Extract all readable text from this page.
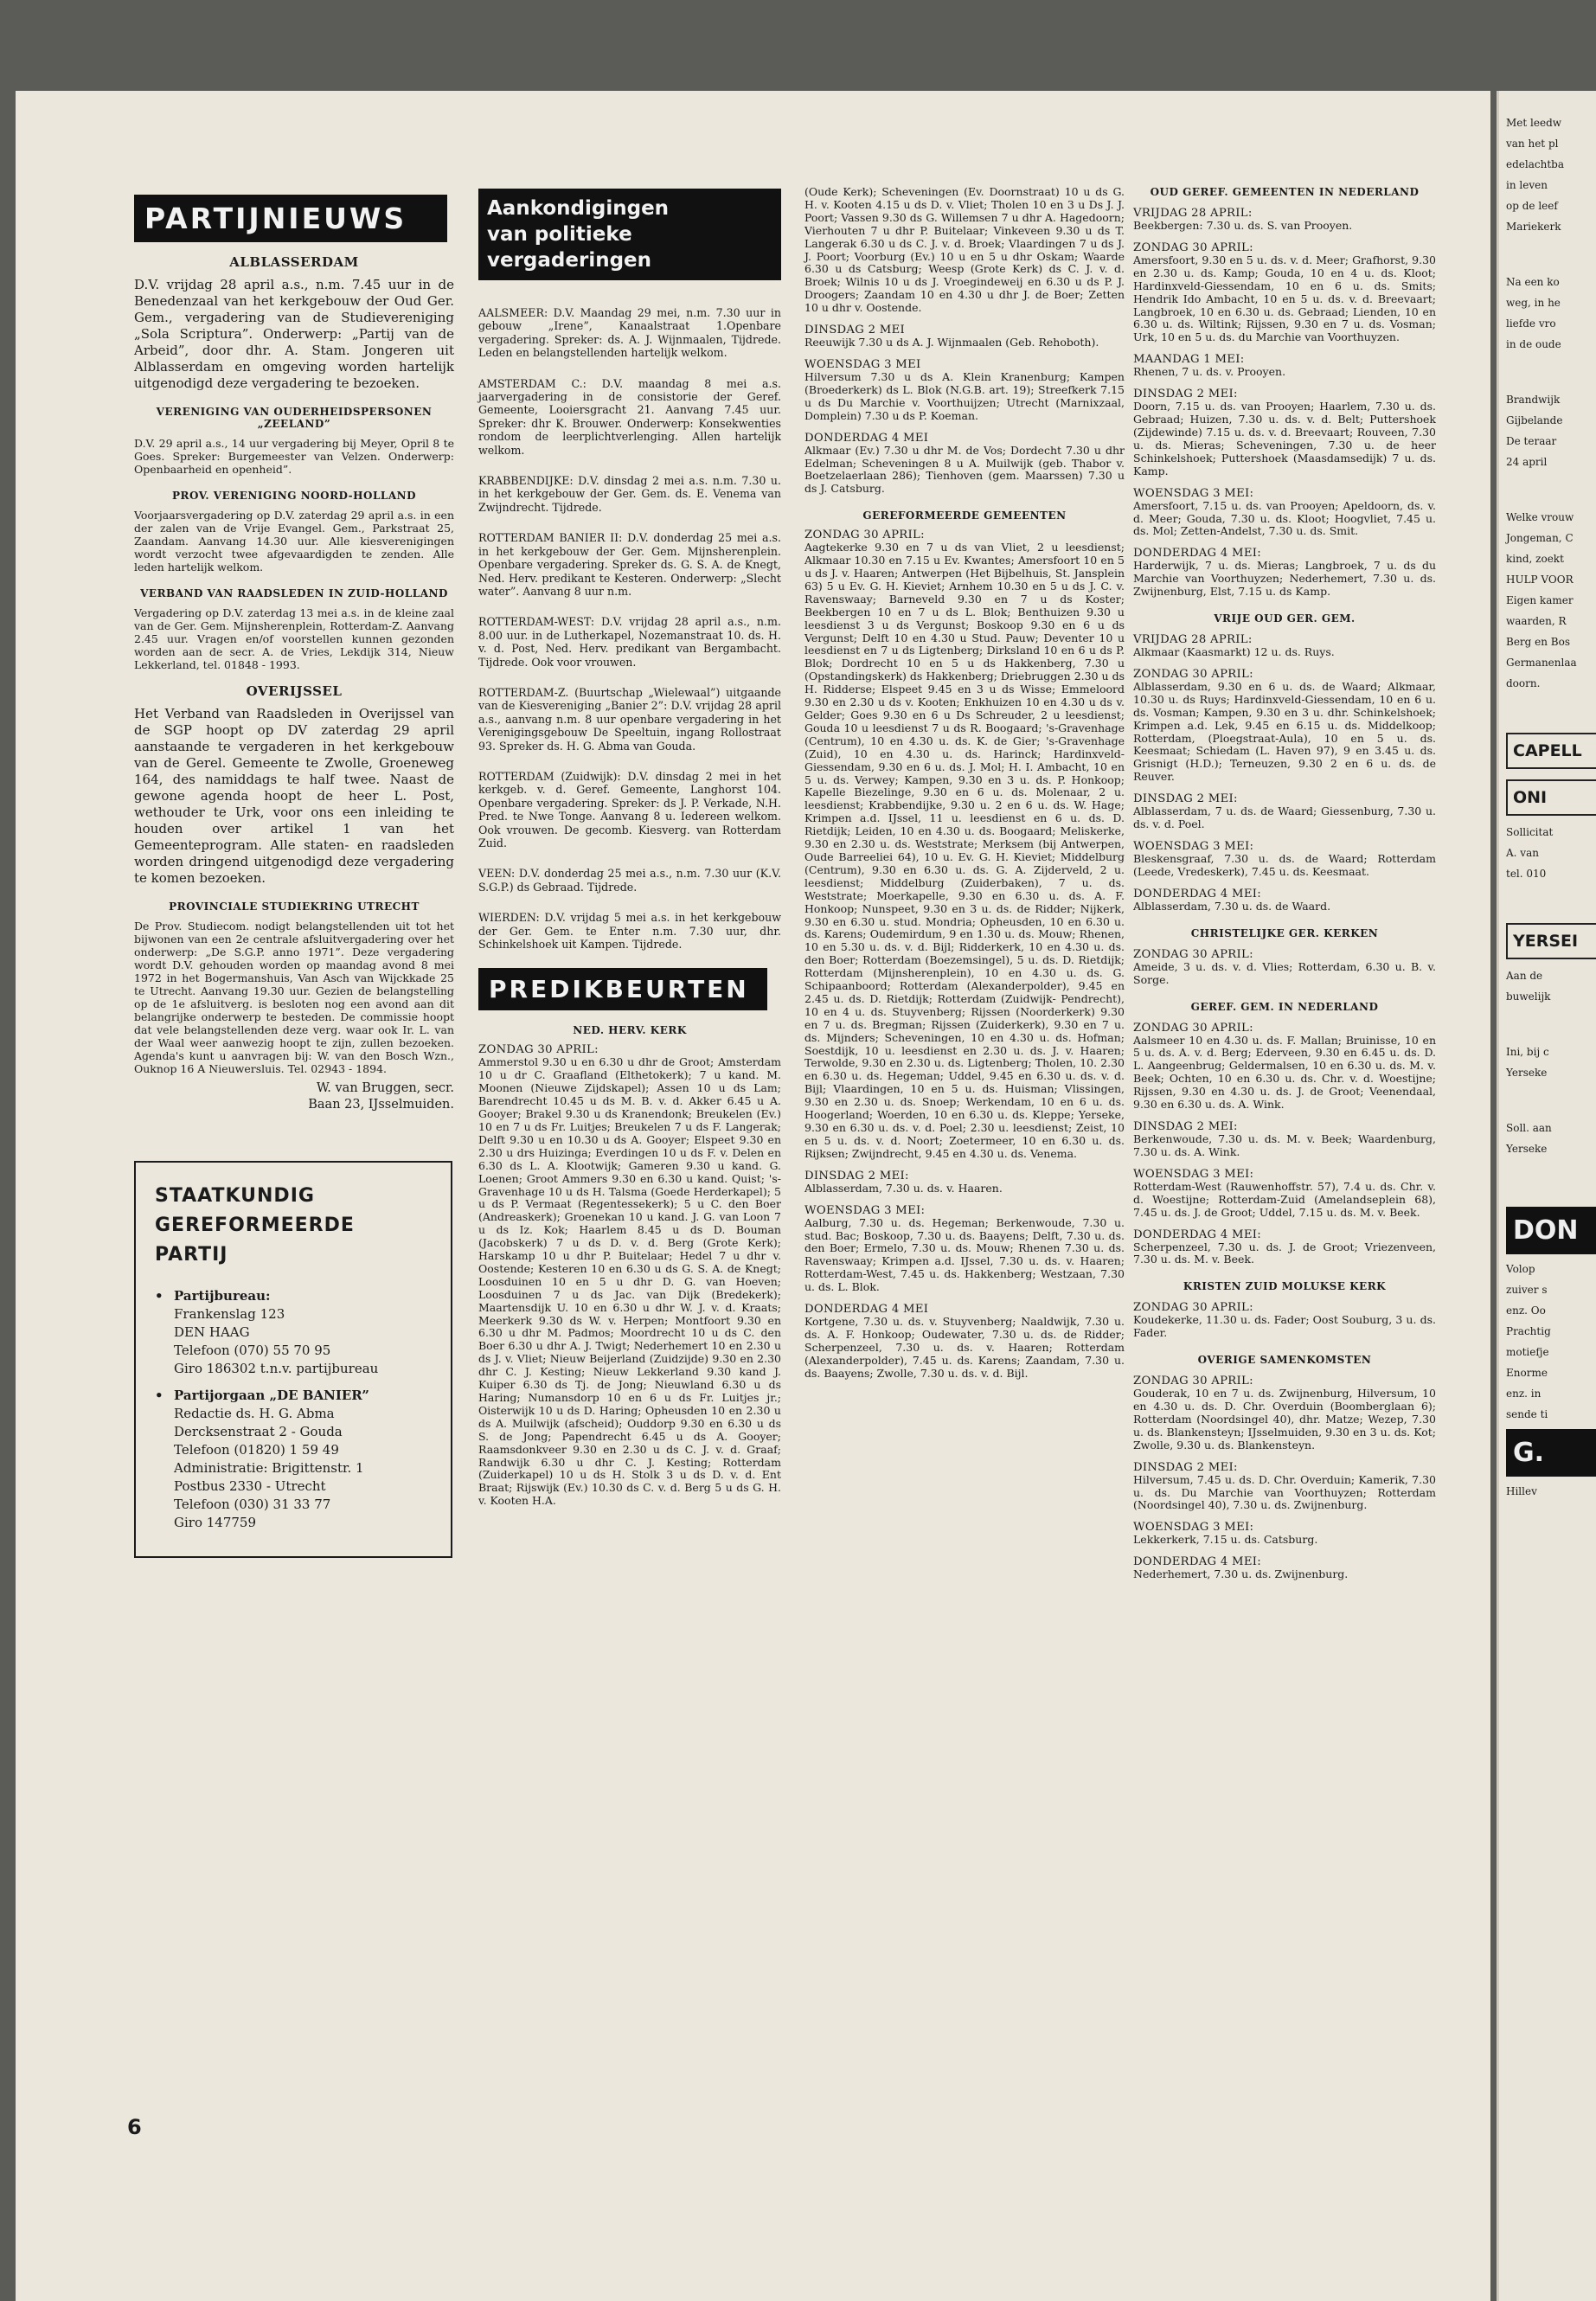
PARTIJNIEUWS
ALBLASSERDAM

D.V. vrijdag 28 april a.s., n.m. 7.45 uur in de Benedenzaal van het kerkgebouw der Oud Ger. Gem., vergadering van de Studievereniging „Sola Scriptura”. Onderwerp: „Partij van de Arbeid”, door dhr. A. Stam. Jongeren uit Alblasserdam en omgeving worden hartelijk uitgenodigd deze vergadering te bezoeken.

VERENIGING VAN OUDERHEIDSPERSONEN „ZEELAND”

D.V. 29 april a.s., 14 uur vergadering bij Meyer, Opril 8 te Goes. Spreker: Burgemeester van Velzen. Onderwerp: Openbaarheid en openheid”.

PROV. VERENIGING NOORD-HOLLAND

Voorjaarsvergadering op D.V. zaterdag 29 april a.s. in een der zalen van de Vrije Evangel. Gem., Parkstraat 25, Zaandam. Aanvang 14.30 uur. Alle kiesverenigingen wordt verzocht twee afgevaardigden te zenden. Alle leden hartelijk welkom.

VERBAND VAN RAADSLEDEN IN ZUID-HOLLAND

Vergadering op D.V. zaterdag 13 mei a.s. in de kleine zaal van de Ger. Gem. Mijnsherenplein, Rotterdam-Z. Aanvang 2.45 uur. Vragen en/of voorstellen kunnen gezonden worden aan de secr. A. de Vries, Lekdijk 314, Nieuw Lekkerland, tel. 01848 - 1993.

OVERIJSSEL

Het Verband van Raadsleden in Overijssel van de SGP hoopt op DV zaterdag 29 april aanstaande te vergaderen in het kerkgebouw van de Gerel. Gemeente te Zwolle, Groeneweg 164, des namiddags te half twee. Naast de gewone agenda hoopt de heer L. Post, wethouder te Urk, voor ons een inleiding te houden over artikel 1 van het Gemeenteprogram. Alle staten- en raadsleden worden dringend uitgenodigd deze vergadering te komen bezoeken.

PROVINCIALE STUDIEKRING UTRECHT

De Prov. Studiecom. nodigt belangstellenden uit tot het bijwonen van een 2e centrale afsluitvergadering over het onderwerp: „De S.G.P. anno 1971”. Deze vergadering wordt D.V. gehouden worden op maandag avond 8 mei 1972 in het Bogermanshuis, Van Asch van Wijckkade 25 te Utrecht. Aanvang 19.30 uur. Gezien de belangstelling op de 1e afsluitverg. is besloten nog een avond aan dit belangrijke onderwerp te besteden. De commissie hoopt dat vele belangstellenden deze verg. waar ook Ir. L. van der Waal weer aanwezig hoopt te zijn, zullen bezoeken. Agenda's kunt u aanvragen bij: W. van den Bosch Wzn., Ouknop 16 A Nieuwersluis. Tel. 02943 - 1894.

W. van Bruggen, secr.

Baan 23, IJsselmuiden.

STAATKUNDIG
GEREFORMEERDE
PARTIJ
• Partijbureau:
Frankenslag 123
DEN HAAG
Telefoon (070) 55 70 95
Giro 186302 t.n.v. partijbureau
• Partijorgaan „DE BANIER”
Redactie ds. H. G. Abma
Dercksenstraat 2 - Gouda
Telefoon (01820) 1 59 49
Administratie: Brigittenstr. 1
Postbus 2330 - Utrecht
Telefoon (030) 31 33 77
Giro 147759
6
Aankondigingen
van politieke vergaderingen

AALSMEER: D.V. Maandag 29 mei, n.m. 7.30 uur in gebouw „Irene”, Kanaalstraat 1.Openbare vergadering. Spreker: ds. A. J. Wijnmaalen, Tijdrede. Leden en belangstellenden hartelijk welkom.

AMSTERDAM C.: D.V. maandag 8 mei a.s. jaarvergadering in de consistorie der Geref. Gemeente, Looiersgracht 21. Aanvang 7.45 uur. Spreker: dhr K. Brouwer. Onderwerp: Konsekwenties rondom de leerplichtverlenging. Allen hartelijk welkom.

KRABBENDIJKE: D.V. dinsdag 2 mei a.s. n.m. 7.30 u. in het kerkgebouw der Ger. Gem. ds. E. Venema van Zwijndrecht. Tijdrede.

ROTTERDAM BANIER II: D.V. donderdag 25 mei a.s. in het kerkgebouw der Ger. Gem. Mijnsherenplein. Openbare vergadering. Spreker ds. G. S. A. de Knegt, Ned. Herv. predikant te Kesteren. Onderwerp: „Slecht water”. Aanvang 8 uur n.m.

ROTTERDAM-WEST: D.V. vrijdag 28 april a.s., n.m. 8.00 uur. in de Lutherkapel, Nozemanstraat 10. ds. H. v. d. Post, Ned. Herv. predikant van Bergambacht. Tijdrede. Ook voor vrouwen.

ROTTERDAM-Z. (Buurtschap „Wielewaal”) uitgaande van de Kiesvereniging „Banier 2”: D.V. vrijdag 28 april a.s., aanvang n.m. 8 uur openbare vergadering in het Verenigingsgebouw De Speeltuin, ingang Rollostraat 93. Spreker ds. H. G. Abma van Gouda.

ROTTERDAM (Zuidwijk): D.V. dinsdag 2 mei in het kerkgeb. v. d. Geref. Gemeente, Langhorst 104. Openbare vergadering. Spreker: ds J. P. Verkade, N.H. Pred. te Nwe Tonge. Aanvang 8 u. Iedereen welkom. Ook vrouwen. De gecomb. Kiesverg. van Rotterdam Zuid.

VEEN: D.V. donderdag 25 mei a.s., n.m. 7.30 uur (K.V. S.G.P.) ds Gebraad. Tijdrede.

WIERDEN: D.V. vrijdag 5 mei a.s. in het kerkgebouw der Ger. Gem. te Enter n.m. 7.30 uur, dhr. Schinkelshoek uit Kampen. Tijdrede.

PREDIKBEURTEN
NED. HERV. KERK
ZONDAG 30 APRIL:

Ammerstol 9.30 u en 6.30 u dhr de Groot; Amsterdam 10 u dr C. Graafland (Elthetokerk); 7 u kand. M. Moonen (Nieuwe Zijdskapel); Assen 10 u ds Lam; Barendrecht 10.45 u ds M. B. v. d. Akker 6.45 u A. Gooyer; Brakel 9.30 u ds Kranendonk; Breukelen (Ev.) 10 en 7 u ds Fr. Luitjes; Breukelen 7 u ds F. Langerak; Delft 9.30 u en 10.30 u ds A. Gooyer; Elspeet 9.30 en 2.30 u drs Huizinga; Everdingen 10 u ds F. v. Delen en 6.30 ds L. A. Klootwijk; Gameren 9.30 u kand. G. Loenen; Groot Ammers 9.30 en 6.30 u kand. Quist; 's-Gravenhage 10 u ds H. Talsma (Goede Herderkapel); 5 u ds P. Vermaat (Regentessekerk); 5 u C. den Boer (Andreaskerk); Groenekan 10 u kand. J. G. van Loon 7 u ds Iz. Kok; Haarlem 8.45 u ds D. Bouman (Jacobskerk) 7 u ds D. v. d. Berg (Grote Kerk); Harskamp 10 u dhr P. Buitelaar; Hedel 7 u dhr v. Oostende; Kesteren 10 en 6.30 u ds G. S. A. de Knegt; Loosduinen 10 en 5 u dhr D. G. van Hoeven; Loosduinen 7 u ds Jac. van Dijk (Bredekerk); Maartensdijk U. 10 en 6.30 u dhr W. J. v. d. Kraats; Meerkerk 9.30 ds W. v. Herpen; Montfoort 9.30 en 6.30 u dhr M. Padmos; Moordrecht 10 u ds C. den Boer 6.30 u dhr A. J. Twigt; Nederhemert 10 en 2.30 u ds J. v. Vliet; Nieuw Beijerland (Zuidzijde) 9.30 en 2.30 dhr C. J. Kesting; Nieuw Lekkerland 9.30 kand J. Kuiper 6.30 ds Tj. de Jong; Nieuwland 6.30 u ds Haring; Numansdorp 10 en 6 u ds Fr. Luitjes jr.; Oisterwijk 10 u ds D. Haring; Opheusden 10 en 2.30 u ds A. Muilwijk (afscheid); Ouddorp 9.30 en 6.30 u ds S. de Jong; Papendrecht 6.45 u ds A. Gooyer; Raamsdonkveer 9.30 en 2.30 u ds C. J. v. d. Graaf; Randwijk 6.30 u dhr C. J. Kesting; Rotterdam (Zuiderkapel) 10 u ds H. Stolk 3 u ds D. v. d. Ent Braat; Rijswijk (Ev.) 10.30 ds C. v. d. Berg 5 u ds G. H. v. Kooten H.A.

(Oude Kerk); Scheveningen (Ev. Doornstraat) 10 u ds G. H. v. Kooten 4.15 u ds D. v. Vliet; Tholen 10 en 3 u Ds J. J. Poort; Vassen 9.30 ds G. Willemsen 7 u dhr A. Hagedoorn; Vierhouten 7 u dhr P. Buitelaar; Vinkeveen 9.30 u ds T. Langerak 6.30 u ds C. J. v. d. Broek; Vlaardingen 7 u ds J. J. Poort; Voorburg (Ev.) 10 u en 5 u dhr Oskam; Waarde 6.30 u ds Catsburg; Weesp (Grote Kerk) ds C. J. v. d. Broek; Wilnis 10 u ds J. Vroegindeweij en 6.30 u ds P. J. Droogers; Zaandam 10 en 4.30 u dhr J. de Boer; Zetten 10 u dhr v. Oostende.

DINSDAG 2 MEI

Reeuwijk 7.30 u ds A. J. Wijnmaalen (Geb. Rehoboth).

WOENSDAG 3 MEI

Hilversum 7.30 u ds A. Klein Kranenburg; Kampen (Broederkerk) ds L. Blok (N.G.B. art. 19); Streefkerk 7.15 u ds Du Marchie v. Voorthuijzen; Utrecht (Marnixzaal, Domplein) 7.30 u ds P. Koeman.

DONDERDAG 4 MEI

Alkmaar (Ev.) 7.30 u dhr M. de Vos; Dordecht 7.30 u dhr Edelman; Scheveningen 8 u A. Muilwijk (geb. Thabor v. Boetzelaerlaan 286); Tienhoven (gem. Maarssen) 7.30 u ds J. Catsburg.

GEREFORMEERDE GEMEENTEN
ZONDAG 30 APRIL:

Aagtekerke 9.30 en 7 u ds van Vliet, 2 u leesdienst; Alkmaar 10.30 en 7.15 u Ev. Kwantes; Amersfoort 10 en 5 u ds J. v. Haaren; Antwerpen (Het Bijbelhuis, St. Jansplein 63) 5 u Ev. G. H. Kieviet; Arnhem 10.30 en 5 u ds J. C. v. Ravenswaay; Barneveld 9.30 en 7 u ds Koster; Beekbergen 10 en 7 u ds L. Blok; Benthuizen 9.30 u leesdienst 3 u ds Vergunst; Boskoop 9.30 en 6 u ds Vergunst; Delft 10 en 4.30 u Stud. Pauw; Deventer 10 u leesdienst en 7 u ds Ligtenberg; Dirksland 10 en 6 u ds P. Blok; Dordrecht 10 en 5 u ds Hakkenberg, 7.30 u (Opstandingskerk) ds Hakkenberg; Driebruggen 2.30 u ds H. Ridderse; Elspeet 9.45 en 3 u ds Wisse; Emmeloord 9.30 en 2.30 u ds v. Kooten; Enkhuizen 10 en 4.30 u ds v. Gelder; Goes 9.30 en 6 u Ds Schreuder, 2 u leesdienst; Gouda 10 u leesdienst 7 u ds R. Boogaard; 's-Gravenhage (Centrum), 10 en 4.30 u. ds. K. de Gier; 's-Gravenhage (Zuid), 10 en 4.30 u. ds. Harinck; Hardinxveld-Giessendam, 9.30 en 6 u. ds. J. Mol; H. I. Ambacht, 10 en 5 u. ds. Verwey; Kampen, 9.30 en 3 u. ds. P. Honkoop; Kapelle Biezelinge, 9.30 en 6 u. ds. Molenaar, 2 u. leesdienst; Krabbendijke, 9.30 u. 2 en 6 u. ds. W. Hage; Krimpen a.d. IJssel, 11 u. leesdienst en 6 u. ds. D. Rietdijk; Leiden, 10 en 4.30 u. ds. Boogaard; Meliskerke, 9.30 en 2.30 u. ds. Weststrate; Merksem (bij Antwerpen, Oude Barreeliei 64), 10 u. Ev. G. H. Kieviet; Middelburg (Centrum), 9.30 en 6.30 u. ds. G. A. Zijderveld, 2 u. leesdienst; Middelburg (Zuiderbaken), 7 u. ds. Weststrate; Moerkapelle, 9.30 en 6.30 u. ds. A. F. Honkoop; Nunspeet, 9.30 en 3 u. ds. de Ridder; Nijkerk, 9.30 en 6.30 u. stud. Mondria; Opheusden, 10 en 6.30 u. ds. Karens; Oudemirdum, 9 en 1.30 u. ds. Mouw; Rhenen, 10 en 5.30 u. ds. v. d. Bijl; Ridderkerk, 10 en 4.30 u. ds. den Boer; Rotterdam (Boezemsingel), 5 u. ds. D. Rietdijk; Rotterdam (Mijnsherenplein), 10 en 4.30 u. ds. G. Schipaanboord; Rotterdam (Alexanderpolder), 9.45 en 2.45 u. ds. D. Rietdijk; Rotterdam (Zuidwijk- Pendrecht), 10 en 4 u. ds. Stuyvenberg; Rijssen (Noorderkerk) 9.30 en 7 u. ds. Bregman; Rijssen (Zuiderkerk), 9.30 en 7 u. ds. Mijnders; Scheveningen, 10 en 4.30 u. ds. Hofman; Soestdijk, 10 u. leesdienst en 2.30 u. ds. J. v. Haaren; Terwolde, 9.30 en 2.30 u. ds. Ligtenberg; Tholen, 10. 2.30 en 6.30 u. ds. Hegeman; Uddel, 9.45 en 6.30 u. ds. v. d. Bijl; Vlaardingen, 10 en 5 u. ds. Huisman; Vlissingen, 9.30 en 2.30 u. ds. Snoep; Werkendam, 10 en 6 u. ds. Hoogerland; Woerden, 10 en 6.30 u. ds. Kleppe; Yerseke, 9.30 en 6.30 u. ds. v. d. Poel; 2.30 u. leesdienst; Zeist, 10 en 5 u. ds. v. d. Noort; Zoetermeer, 10 en 6.30 u. ds. Rijksen; Zwijndrecht, 9.45 en 4.30 u. ds. Venema.

DINSDAG 2 MEI:

Alblasserdam, 7.30 u. ds. v. Haaren.

WOENSDAG 3 MEI:

Aalburg, 7.30 u. ds. Hegeman; Berkenwoude, 7.30 u. stud. Bac; Boskoop, 7.30 u. ds. Baayens; Delft, 7.30 u. ds. den Boer; Ermelo, 7.30 u. ds. Mouw; Rhenen 7.30 u. ds. Ravenswaay; Krimpen a.d. IJssel, 7.30 u. ds. v. Haaren; Rotterdam-West, 7.45 u. ds. Hakkenberg; Westzaan, 7.30 u. ds. L. Blok.

DONDERDAG 4 MEI

Kortgene, 7.30 u. ds. v. Stuyvenberg; Naaldwijk, 7.30 u. ds. A. F. Honkoop; Oudewater, 7.30 u. ds. de Ridder; Scherpenzeel, 7.30 u. ds. v. Haaren; Rotterdam (Alexanderpolder), 7.45 u. ds. Karens; Zaandam, 7.30 u. ds. Baayens; Zwolle, 7.30 u. ds. v. d. Bijl.

OUD GEREF. GEMEENTEN IN NEDERLAND
VRIJDAG 28 APRIL:

Beekbergen: 7.30 u. ds. S. van Prooyen.

ZONDAG 30 APRIL:

Amersfoort, 9.30 en 5 u. ds. v. d. Meer; Grafhorst, 9.30 en 2.30 u. ds. Kamp; Gouda, 10 en 4 u. ds. Kloot; Hardinxveld-Giessendam, 10 en 6 u. ds. Smits; Hendrik Ido Ambacht, 10 en 5 u. ds. v. d. Breevaart; Langbroek, 10 en 6.30 u. ds. Gebraad; Lienden, 10 en 6.30 u. ds. Wiltink; Rijssen, 9.30 en 7 u. ds. Vosman; Urk, 10 en 5 u. ds. du Marchie van Voorthuyzen.

MAANDAG 1 MEI:

Rhenen, 7 u. ds. v. Prooyen.

DINSDAG 2 MEI:

Doorn, 7.15 u. ds. van Prooyen; Haarlem, 7.30 u. ds. Gebraad; Huizen, 7.30 u. ds. v. d. Belt; Puttershoek (Zijdewinde) 7.15 u. ds. v. d. Breevaart; Rouveen, 7.30 u. ds. Mieras; Scheveningen, 7.30 u. de heer Schinkelshoek; Puttershoek (Maasdamsedijk) 7 u. ds. Kamp.

WOENSDAG 3 MEI:

Amersfoort, 7.15 u. ds. van Prooyen; Apeldoorn, ds. v. d. Meer; Gouda, 7.30 u. ds. Kloot; Hoogvliet, 7.45 u. ds. Mol; Zetten-Andelst, 7.30 u. ds. Smit.

DONDERDAG 4 MEI:

Harderwijk, 7 u. ds. Mieras; Langbroek, 7 u. ds du Marchie van Voorthuyzen; Nederhemert, 7.30 u. ds. Zwijnenburg, Elst, 7.15 u. ds Kamp.

VRIJE OUD GER. GEM.
VRIJDAG 28 APRIL:

Alkmaar (Kaasmarkt) 12 u. ds. Ruys.

ZONDAG 30 APRIL:

Alblasserdam, 9.30 en 6 u. ds. de Waard; Alkmaar, 10.30 u. ds Ruys; Hardinxveld-Giessendam, 10 en 6 u. ds. Vosman; Kampen, 9.30 en 3 u. dhr. Schinkelshoek; Krimpen a.d. Lek, 9.45 en 6.15 u. ds. Middelkoop; Rotterdam, (Ploegstraat-Aula), 10 en 5 u. ds. Keesmaat; Schiedam (L. Haven 97), 9 en 3.45 u. ds. Grisnigt (H.D.); Terneuzen, 9.30 2 en 6 u. ds. de Reuver.

DINSDAG 2 MEI:

Alblasserdam, 7 u. ds. de Waard; Giessenburg, 7.30 u. ds. v. d. Poel.

WOENSDAG 3 MEI:

Bleskensgraaf, 7.30 u. ds. de Waard; Rotterdam (Leede, Vredeskerk), 7.45 u. ds. Keesmaat.

DONDERDAG 4 MEI:

Alblasserdam, 7.30 u. ds. de Waard.

CHRISTELIJKE GER. KERKEN
ZONDAG 30 APRIL:

Ameide, 3 u. ds. v. d. Vlies; Rotterdam, 6.30 u. B. v. Sorge.

GEREF. GEM. IN NEDERLAND
ZONDAG 30 APRIL:

Aalsmeer 10 en 4.30 u. ds. F. Mallan; Bruinisse, 10 en 5 u. ds. A. v. d. Berg; Ederveen, 9.30 en 6.45 u. ds. D. L. Aangeenbrug; Geldermalsen, 10 en 6.30 u. ds. M. v. Beek; Ochten, 10 en 6.30 u. ds. Chr. v. d. Woestijne; Rijssen, 9.30 en 4.30 u. ds. J. de Groot; Veenendaal, 9.30 en 6.30 u. ds. A. Wink.

DINSDAG 2 MEI:

Berkenwoude, 7.30 u. ds. M. v. Beek; Waardenburg, 7.30 u. ds. A. Wink.

WOENSDAG 3 MEI:

Rotterdam-West (Rauwenhoffstr. 57), 7.4 u. ds. Chr. v. d. Woestijne; Rotterdam-Zuid (Amelandseplein 68), 7.45 u. ds. J. de Groot; Uddel, 7.15 u. ds. M. v. Beek.

DONDERDAG 4 MEI:

Scherpenzeel, 7.30 u. ds. J. de Groot; Vriezenveen, 7.30 u. ds. M. v. Beek.

KRISTEN ZUID MOLUKSE KERK
ZONDAG 30 APRIL:

Koudekerke, 11.30 u. ds. Fader; Oost Souburg, 3 u. ds. Fader.

OVERIGE SAMENKOMSTEN
ZONDAG 30 APRIL:

Gouderak, 10 en 7 u. ds. Zwijnenburg, Hilversum, 10 en 4.30 u. ds. D. Chr. Overduin (Boomberglaan 6); Rotterdam (Noordsingel 40), dhr. Matze; Wezep, 7.30 u. ds. Blankensteyn; IJsselmuiden, 9.30 en 3 u. ds. Kot; Zwolle, 9.30 u. ds. Blankensteyn.

DINSDAG 2 MEI:

Hilversum, 7.45 u. ds. D. Chr. Overduin; Kamerik, 7.30 u. ds. Du Marchie van Voorthuyzen; Rotterdam (Noordsingel 40), 7.30 u. ds. Zwijnenburg.

WOENSDAG 3 MEI:

Lekkerkerk, 7.15 u. ds. Catsburg.

DONDERDAG 4 MEI:

Nederhemert, 7.30 u. ds. Zwijnenburg.

Met leedw
van het pl
edelachtba
in leven
op de leef
Mariekerk
Na een ko
weg, in he
liefde vro
in de oude
Brandwijk
Gijbelande
De teraar
24 april
Welke vrouw
Jongeman, C
kind, zoekt
HULP VOOR
Eigen kamer
waarden, R
Berg en Bos
Germanenlaa
doorn.
CAPELL
ONI
Sollicitat
A. van
tel. 010
YERSEI
Aan de
buwelijk
Ini, bij c
Yerseke
Soll. aan
Yerseke
DON
Volop
zuiver s
enz. Oo
Prachtig
motiefje
Enorme
enz. in
sende ti
G.
Hillev
